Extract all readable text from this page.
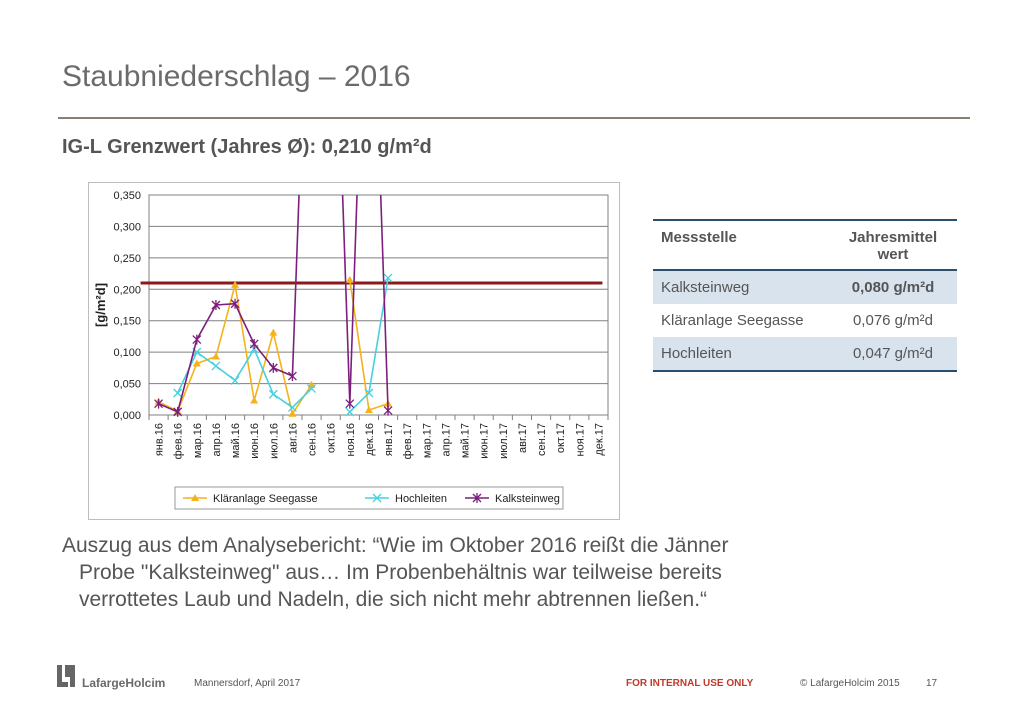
Staubniederschlag – 2016
IG-L Grenzwert (Jahres Ø): 0,210 g/m²d
0,000
0,050
0,100
0,150
0,200
0,250
0,300
0,350
янв.16 фев.16 мар.16 апр.16 май.16 июн.16 июл.16 авг.16 сен.16 окт.16 ноя.16 дек.16 янв.17 фев.17 мар.17 апр.17 май.17 июн.17 июл.17 авг.17 сен.17 окт.17 ноя.17 дек.17
[g/m²d]
Kläranlage Seegasse	Hochleiten	Kalksteinweg
Messstelle	Jahresmittel wert
Kalksteinweg	0,080 g/m²d
Kläranlage Seegasse	0,076 g/m²d
Hochleiten	0,047 g/m²d
Auszug aus dem Analysebericht: “Wie im Oktober 2016 reißt die Jänner
Probe "Kalksteinweg" aus… Im Probenbehältnis war teilweise bereits
verrottetes Laub und Nadeln, die sich nicht mehr abtrennen ließen.“
LafargeHolcim	Mannersdorf, April 2017	FOR INTERNAL USE ONLY	© LafargeHolcim 2015	17
